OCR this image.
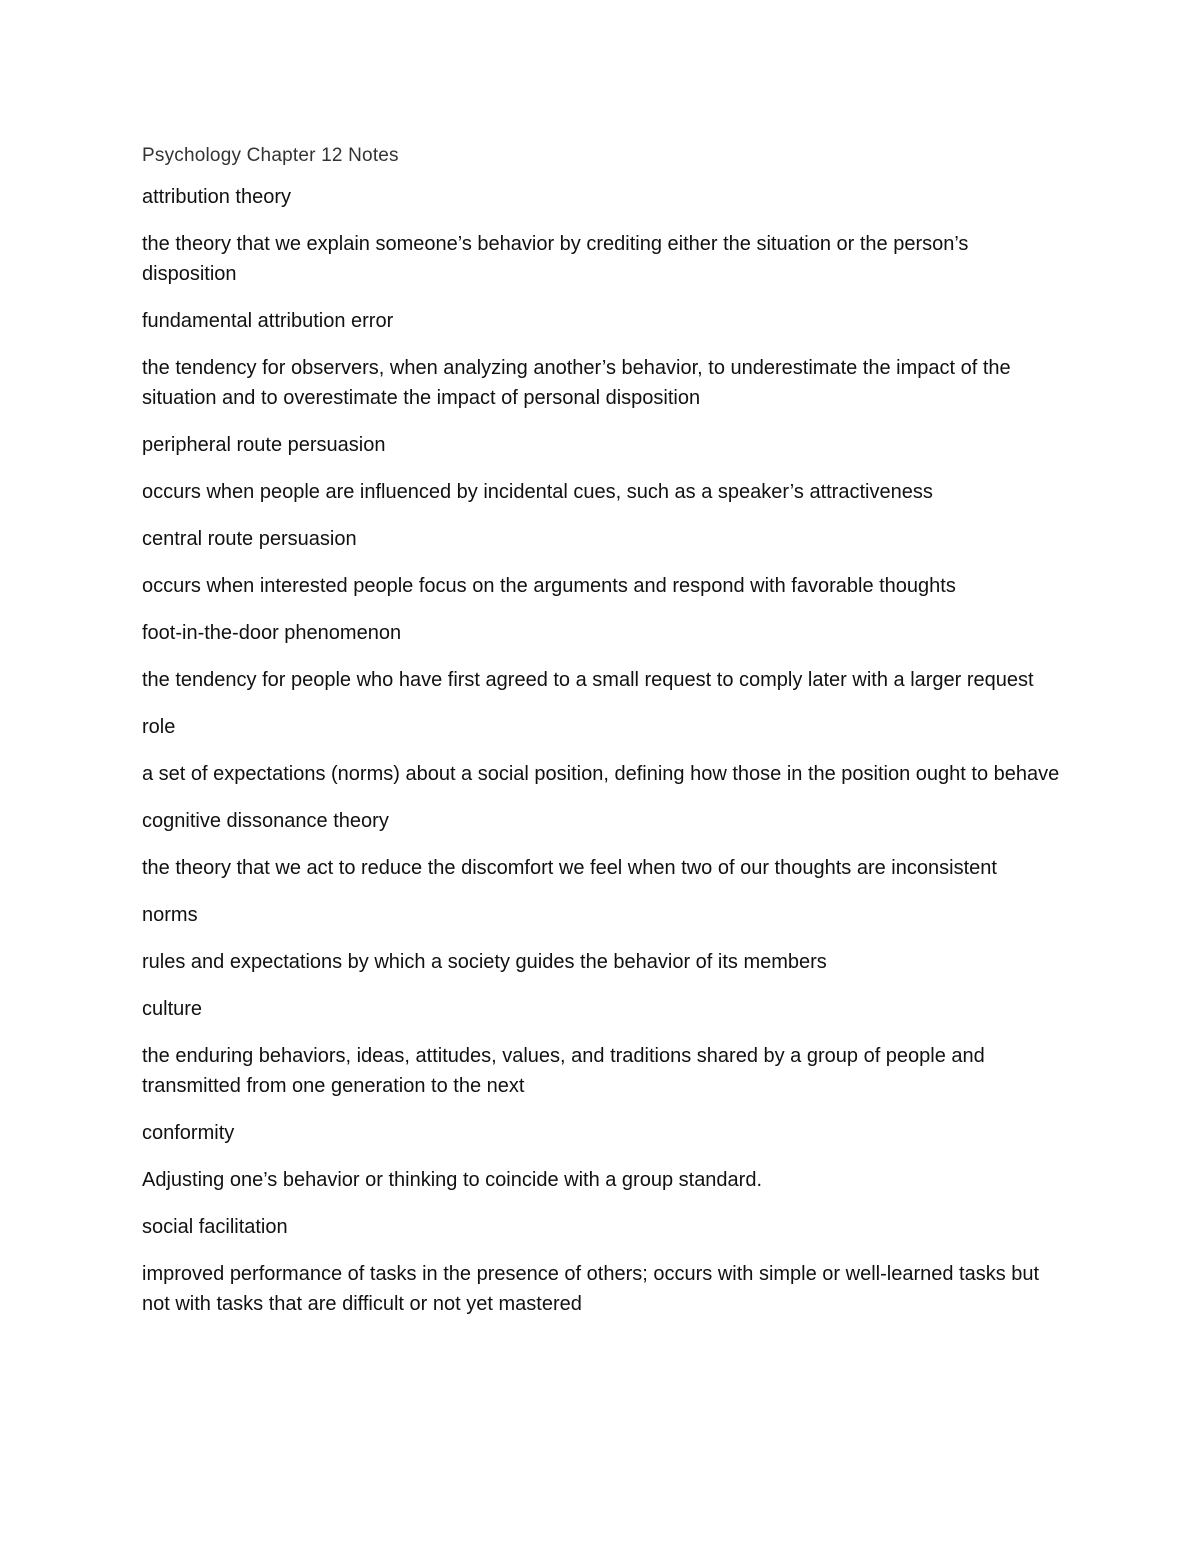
Psychology Chapter 12 Notes

attribution theory

the theory that we explain someone’s behavior by crediting either the situation or the person’s disposition

fundamental attribution error

the tendency for observers, when analyzing another’s behavior, to underestimate the impact of the situation and to overestimate the impact of personal disposition

peripheral route persuasion

occurs when people are influenced by incidental cues, such as a speaker’s attractiveness

central route persuasion

occurs when interested people focus on the arguments and respond with favorable thoughts

foot-in-the-door phenomenon

the tendency for people who have first agreed to a small request to comply later with a larger request

role

a set of expectations (norms) about a social position, defining how those in the position ought to behave

cognitive dissonance theory

the theory that we act to reduce the discomfort we feel when two of our thoughts are inconsistent

norms

rules and expectations by which a society guides the behavior of its members

culture

the enduring behaviors, ideas, attitudes, values, and traditions shared by a group of people and transmitted from one generation to the next

conformity

Adjusting one’s behavior or thinking to coincide with a group standard.

social facilitation

improved performance of tasks in the presence of others; occurs with simple or well-learned tasks but not with tasks that are difficult or not yet mastered
